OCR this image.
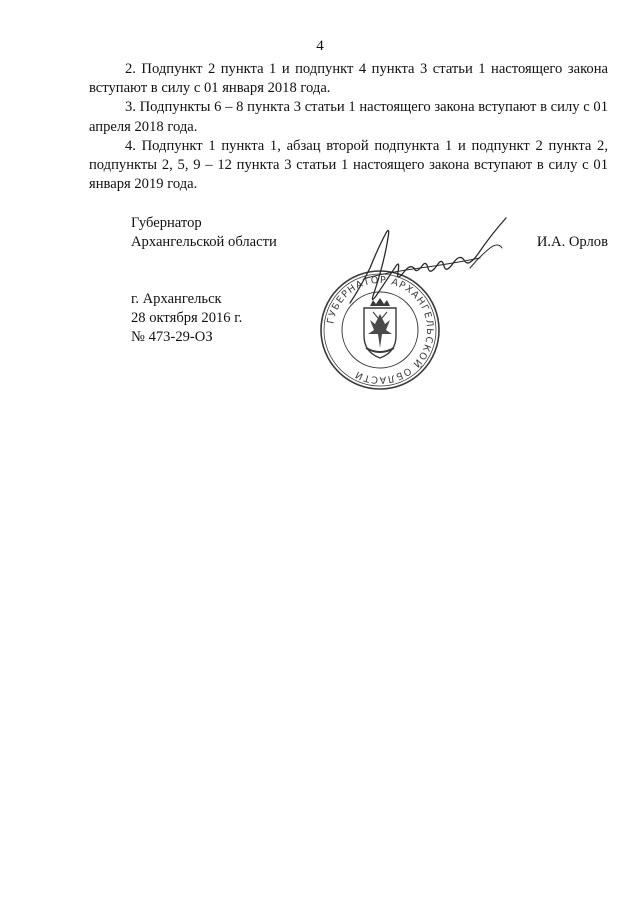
4

2. Подпункт 2 пункта 1 и подпункт 4 пункта 3 статьи 1 настоящего закона вступают в силу с 01 января 2018 года.

3. Подпункты 6 – 8 пункта 3 статьи 1 настоящего закона вступают в силу с 01 апреля 2018 года.

4. Подпункт 1 пункта 1, абзац второй подпункта 1 и подпункт 2 пункта 2, подпункты 2, 5, 9 – 12 пункта 3 статьи 1 настоящего закона вступают в силу с 01 января 2019 года.

Губернатор
Архангельской области	И.А. Орлов
г. Архангельск
28 октября 2016 г.
№ 473-29-ОЗ
ГУБЕРНАТОР АРХАНГЕЛЬСКОЙ ОБЛАСТИ
